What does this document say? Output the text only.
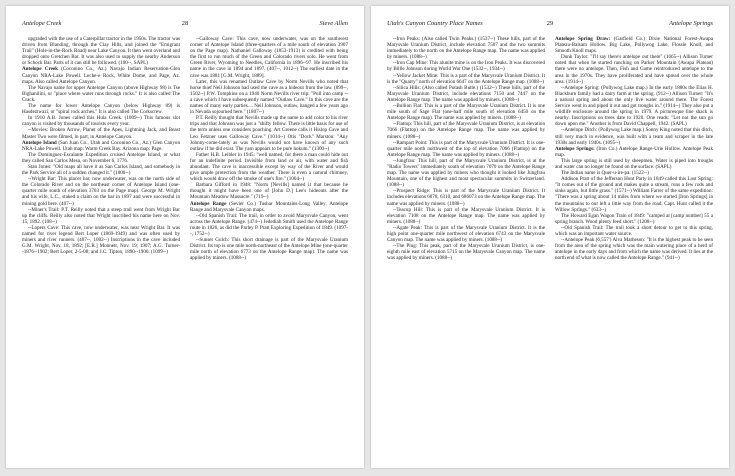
Antelope Creek	28	Steve Allen

upgraded with the use of a Caterpillar tractor in the 1950s. The tractor was driven from Blanding, through the Clay Hills, and joined the "Emigrant Trail" (Hole-in-the-Rock Road) near Lake Canyon. It then went overland and dropped onto Gretchen Bar. It was also used to supply the nearby Anderson or Schock Bar. Parts of it can still be followed. (100--, SAPL)

Antelope Creek (Coconino Co., Az.) Navajo Indian Reservation-Glen Canyon NRA-Lake Powell. Leche-e Rock, White Dome, and Page, Az. maps. Also called Antelope Canyon.

The Navajo name for upper Antelope Canyon (above Highway 98) is Tse Bighanilini, or "place where water runs through rocks." It is also called The Crack.

The name for lower Antelope Canyon (below Highway 89) is Hasdeztwazi, or "spiral rock arches." It is also called The Corkscrew.

In 1910 A.B. Jones called this Hula Creek. (1009--) This famous slot canyon is visited by thousands of tourists every year.

--Movies: Broken Arrow, Planet of the Apes, Lightning Jack, and Beast Master Two were filmed, in part, in Antelope Canyon.

Antelope Island (San Juan Co., Utah and Coconino Co., Az.) Glen Canyon NRA-Lake Powell. Utah map: Warm Creek Bay. Arizona map: Page.

The Dominguez-Escalante Expedition cruised Antelope Island, or what they called San Carlos Mesa, on November 6, 1776.

Stan Jones: "Old maps all have it as San Carlos Island, and somebody in the Park Service all of a sudden changed it." (1000--)

--Wright Bar: This placer bar, now underwater, was on the north side of the Colorado River and on the northeast corner of Antelope Island (one-quarter mile south of elevation 3703 on the Page map). George M. Wright and his wife, L.C., staked a claim on the bar in 1897 and were successful in mining gold here. (407--)

--Miner's Trail: P.T. Reilly noted that a steep trail went from Wright Bar up the cliffs. Reilly also noted that Wright inscribed his name here on Nov. 15, 1892. (108--)

--Lopers Cave: This cave, now underwater, was near Wright Bar. It was named for river legend Bert Loper (1869-1949) and was often used by miners and river runners. (407--, 1002--) Inscriptions in the cave included G.M. Wright, Nov. 18, 1892; [E.R.] Monnett, Nov. 19, 1907; A.G. Turner--1876--1902; Bert Loper, 2-5-08; and J.C. Tipton, 1890--1900. (1099--)

--Galloway Cave: This cave, now underwater, was on the southwest corner of Antelope Island (three-quarters of a mile south of elevation 3907 on the Page map). Nathaniel Galloway (1853-1913) is credited with being the first to run much of the Green and Colorado rivers solo. He went from Green River, Wyoming to Needles, California in 1896--97. He inscribed his name in the cave in 1894 and 1897. (407--, 1012--) The earliest date in the cave was 1881 [G.M. Wright, 1889].

Later, this was renamed Outlaw Cave by Norm Nevills who noted that horse thief Neil Johnson had used the cave as a hideout from the law. (899--, 1502--) P.W. Tompkins on a 1940 Norm Nevills river trip: "Pull into camp -- a cave which I have subsequently named "Outlaw Cave." In this cave are the names of many early parties.... Neil Johnson, outlaw, hanged a few years ago in Nevada sojourned here." (1807--)

P.T. Reilly thought that Nevills made up the name to add color to his river trips and that Johnson was just a "shifty fellow. There is little basis for use of the term unless one considers poaching. Art Greene calls it Hislop Cave and Leo Fetzner uses Galloway Cave." (1014--) Otis "Dock" Marston: "Any Johnny-come-lately as was Nevills would not have known of any such outlaw if he did exist. The yarn appears to be pure hokum." (1300--)

Father H.B. Leibler in 1945: "well named, for there a man could hide out for an indefinite period. Invisible from land or air, with water and fish abundant. The cave is inaccessible except by way of the River and would give ample protection from the weather. There is even a natural chimney, which would draw off the smoke of one's fire." (1004--)

Barbara Gifford in 1948: "Norm [Nevills] named it that because he thought it might have been one of [John D.] Lee's hideouts after the Mountain Meadow Massacre." (719--)

Antelope Range (Sevier Co.) Tushar Mountains-Long Valley. Antelope Range and Marysvale Canyon maps.

--Old Spanish Trail: The trail, in order to avoid Marysvale Canyon, went across the Antelope Range. (474--) Jedediah Smith used the Antelope Range route in 1826, as did the Parley P. Pratt Exploring Expedition of 1849. (1097--, 1752--)

--Sunset Gulch: This short drainage is part of the Marysvale Uranium District. Its top is one mile north-northeast of the Antelope Mine (one-quarter mile north of elevation 6773 on the Antelope Range map). The name was applied by miners. (1088--)

Utah's Canyon Country Place Names	29	Antelope Springs

--Iron Peaks: (Also called Twin Peaks.) (1537--) These hills, part of the Marysvale Uranium District, include elevation 7507 and the two summits immediately to the north on the Antelope Range map. The name was applied by miners. (1088--)

--Iron Cap Mine: This alunite mine is on the Iron Peaks. It was discovered by Billie Johnson during World War One (1532--, 1934--)

--Yellow Jacket Mine: This is a part of the Marysvale Uranium District. It is the "Quarry" north of elevation 6647 on the Antelope Range map. (1088--)

--Silica Hills: (Also called Potash Butte.) (1532--) These hills, part of the Marysvale Uranium District, include elevations 7150 and 7447 on the Antelope Range map. The name was applied by miners. (1088--)

--Bullion Flat: This is a part of the Marysvale Uranium District. It is one mile south of Sage Flat (one-half mile south of elevation 6450 on the Antelope Range map). The name was applied by miners. (1088--)

--Flattop: This hill, part of the Marysvale Uranium District, is at elevation 7066 (Flattop) on the Antelope Range map. The name was applied by miners. (1088--)

--Rampart Point: This is part of the Marysvale Uranium District. It is one-quarter mile north northwest of the top of elevation 7066 (Flattop) on the Antelope Range map. The name was applied by miners. (1088--)

--Jungfrau: This hill, part of the Marysvale Uranium District, is at the "Radio Towers" immediately south of elevation 7070 on the Antelope Range map. The name was applied by miners who thought it looked like Jungfrau Mountain, one of the highest and most spectacular summits in Switzerland. (1088--)

--Prospect Ridge: This is part of the Marysvale Uranium District. It includes elevations 6078, 6310, and 686073 on the Antelope Range map. The name was applied by miners. (1088--)

--Teacup Hill: This is part of the Marysvale Uranium District. It is elevation 7108 on the Antelope Range map. The name was applied by miners. (1088--)

--Agate Peak: This is part of the Marysvale Uranium District. It is the high point one-quarter mile northwest of elevation 6743 on the Marysvale Canyon map. The name was applied by miners. (1088--)

--The Plug: This peak, part of the Marysvale Uranium District, is one-eighth mile east of elevation 5715 on the Marysvale Canyon map. The name was applied by miners. (1088--)

Antelope Spring Draw: (Garfield Co.) Dixie National Forest-Awapa Plateau-Balsam Hollow. Big Lake, Pollywog Lake, Flossie Knoll, and Smooth Knoll maps.

Dunk Taylor: "I'll say there's antelope out there" (1665--) Allison Turner noted that when he started ranching on Parker Mountain (Awapa Plateau) there were no antelope. Then, Fish and Game reintroduced antelope to the area in the 1970s. They have proliferated and have spread over the whole area. (1914--)

--Antelope Spring: (Pollywog Lake map.) In the early 1880s the Elias H. Blackburn family had a dairy farm at the spring. (912--) Allison Turner: "It's a natural spring and about the only live water around there. The Forest Service went in and piped it out and got troughs in." (1914--) They also put a wildlife enclosure around the spring in 1979. A picturesque line shack is nearby. Inscriptions on trees date to 1920. One reads: "Let not the sun go down upon me." Another is from David Chappell, 1942. (SAPL)

--Antelope Ditch: (Pollywog Lake map.) Sonny King noted that this ditch, still very much in evidence, was built with a team and scraper in the late 1930s and early 1940s. (1095--)

Antelope Springs: (Iron Co.) Antelope Range-Urie Hollow. Antelope Peak map.

This large spring is still used by sheepmen. Water is piped into troughs and water can no longer be found on the surface. (SAPL)

The Indian name is Quer-u-ire-pa. (1522--)

Addison Pratt of the Jefferson Hunt Party in 1849 called this Lost Spring: "It comes out of the ground and makes quite a stream, runs a few rods and sinks again, but little grass." (1571--) William Farrer of the same expedition: "There was a spring about 14 miles from where we started [Iron Springs] in the mountains to our left a little way from the road. Capt. Hunt called it the Willow Springs." (633--)

The Howard Egan Wagon Train of 1849: "camped at [camp number] 55 a spring branch. Wood plenty feed short." (1208--)

--Old Spanish Trail: The trail took a short detour to get to this spring, which was an important water source.

--Antelope Peak (6,557') Alva Matheson: "It is the highest peak to be seen from the area of the spring which was the main watering place of a herd of antelope in the early days and from which the name was derived. It lies at the north end of what is now called the Antelope Range." (941--)
